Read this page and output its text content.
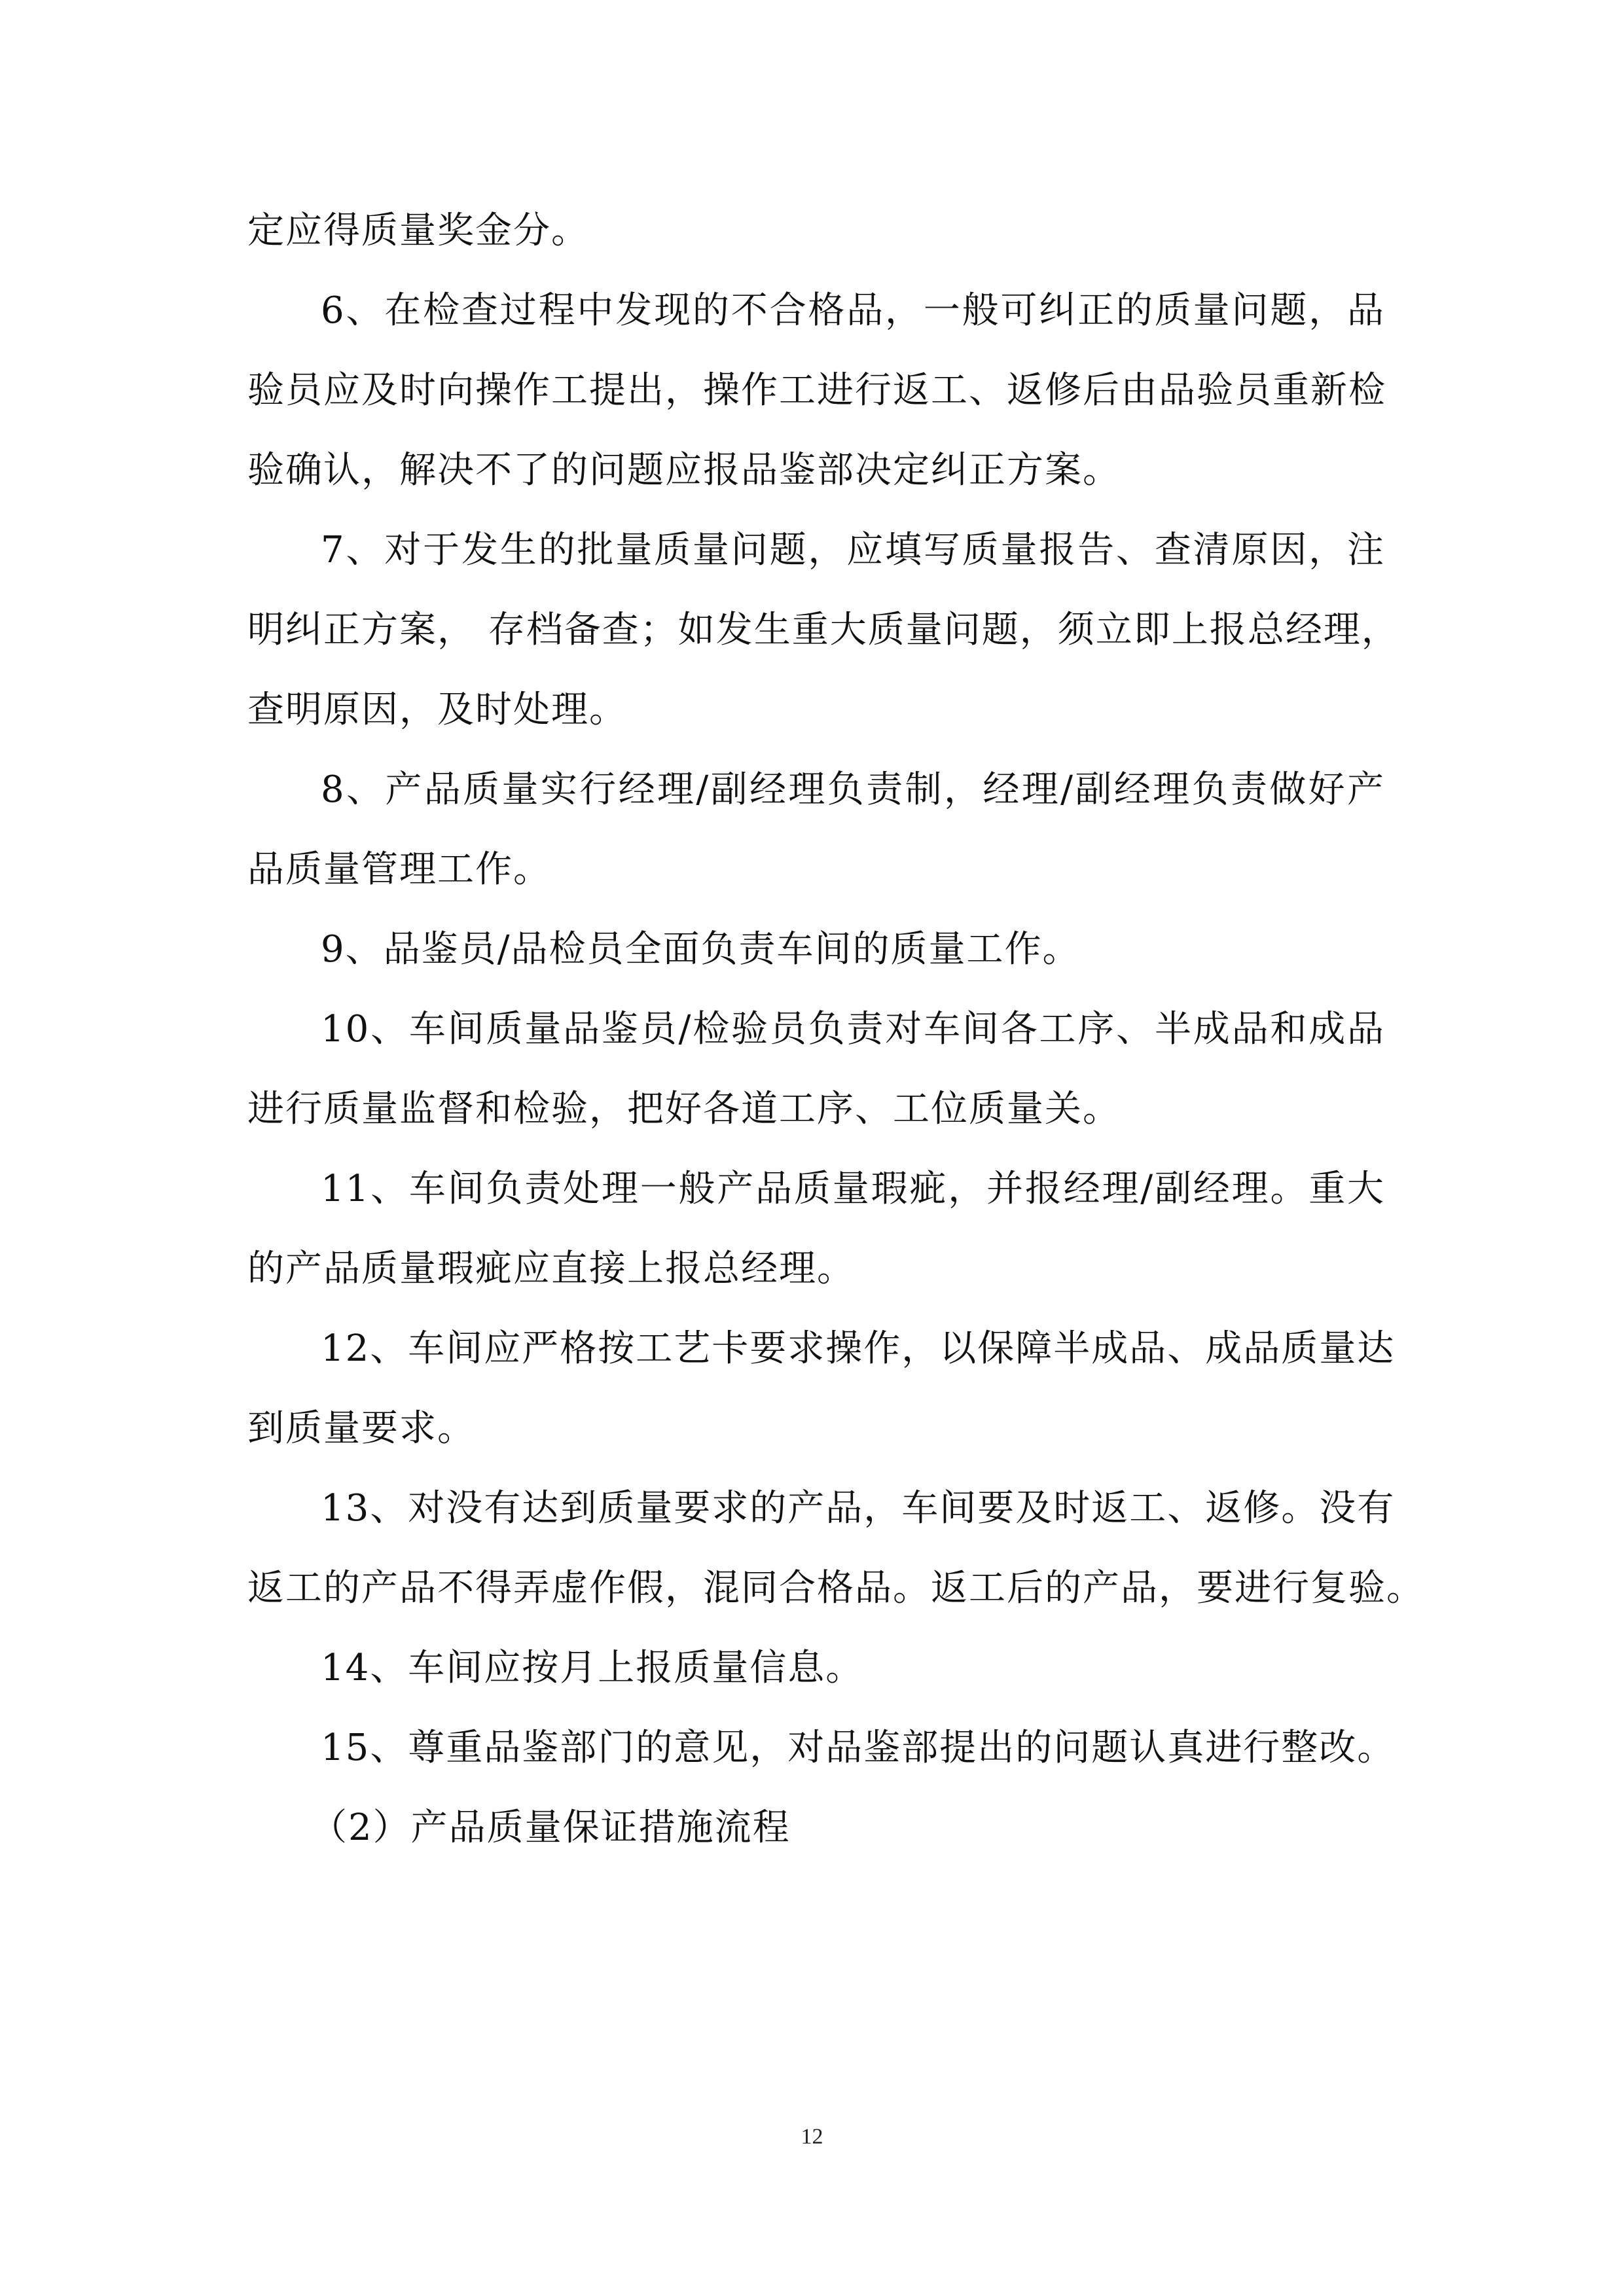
定应得质量奖金分。

6、在检查过程中发现的不合格品，一般可纠正的质量问题，品

验员应及时向操作工提出，操作工进行返工、返修后由品验员重新检

验确认，解决不了的问题应报品鉴部决定纠正方案。

7、对于发生的批量质量问题，应填写质量报告、查清原因，注

明纠正方案， 存档备查；如发生重大质量问题，须立即上报总经理，

查明原因，及时处理。

8、产品质量实行经理/副经理负责制，经理/副经理负责做好产

品质量管理工作。

9、品鉴员/品检员全面负责车间的质量工作。

10、车间质量品鉴员/检验员负责对车间各工序、半成品和成品

进行质量监督和检验，把好各道工序、工位质量关。

11、车间负责处理一般产品质量瑕疵，并报经理/副经理。重大

的产品质量瑕疵应直接上报总经理。

12、车间应严格按工艺卡要求操作，以保障半成品、成品质量达

到质量要求。

13、对没有达到质量要求的产品，车间要及时返工、返修。没有

返工的产品不得弄虚作假，混同合格品。返工后的产品，要进行复验。

14、车间应按月上报质量信息。

15、尊重品鉴部门的意见，对品鉴部提出的问题认真进行整改。

（2）产品质量保证措施流程

12
